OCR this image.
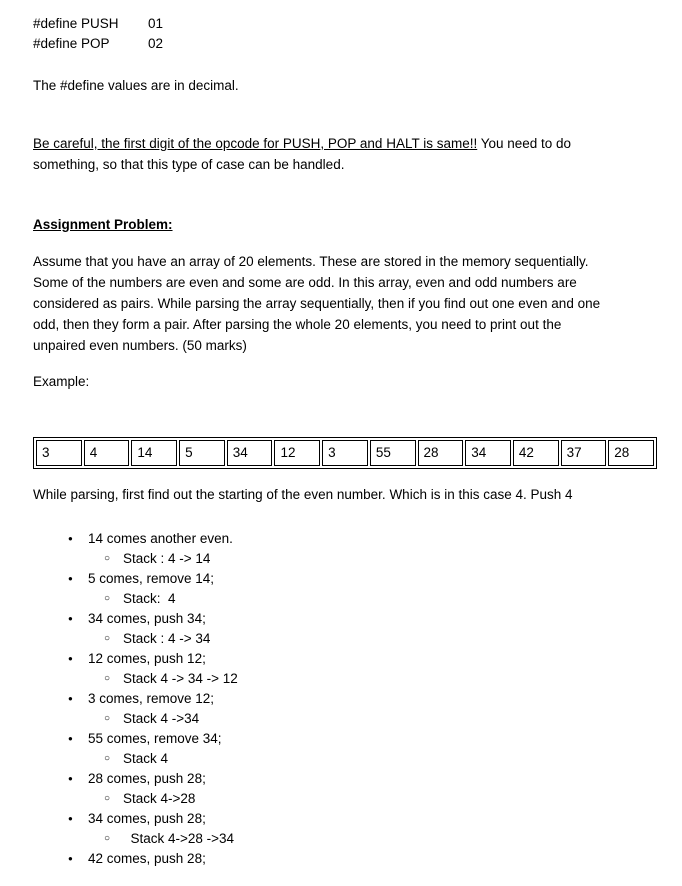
#define PUSH 01
#define POP	02
The #define values are in decimal.
Be careful, the first digit of the opcode for PUSH, POP and HALT is same!! You need to do
something, so that this type of case can be handled.
Assignment Problem:
Assume that you have an array of 20 elements. These are stored in the memory sequentially.
Some of the numbers are even and some are odd. In this array, even and odd numbers are
considered as pairs. While parsing the array sequentially, then if you find out one even and one
odd, then they form a pair. After parsing the whole 20 elements, you need to print out the
unpaired even numbers. (50 marks)
Example:
3	4	14	5	34	12	3	55	28	34	42	37	28
While parsing, first find out the starting of the even number. Which is in this case 4. Push 4
● 14 comes another even.
○ Stack : 4 -> 14
● 5 comes, remove 14;
○ Stack:  4
● 34 comes, push 34;
○ Stack : 4 -> 34
● 12 comes, push 12;
○ Stack 4 -> 34 -> 12
● 3 comes, remove 12;
○ Stack 4 ->34
● 55 comes, remove 34;
○ Stack 4
● 28 comes, push 28;
○ Stack 4->28
● 34 comes, push 28;
○ Stack 4->28 ->34
● 42 comes, push 28;
